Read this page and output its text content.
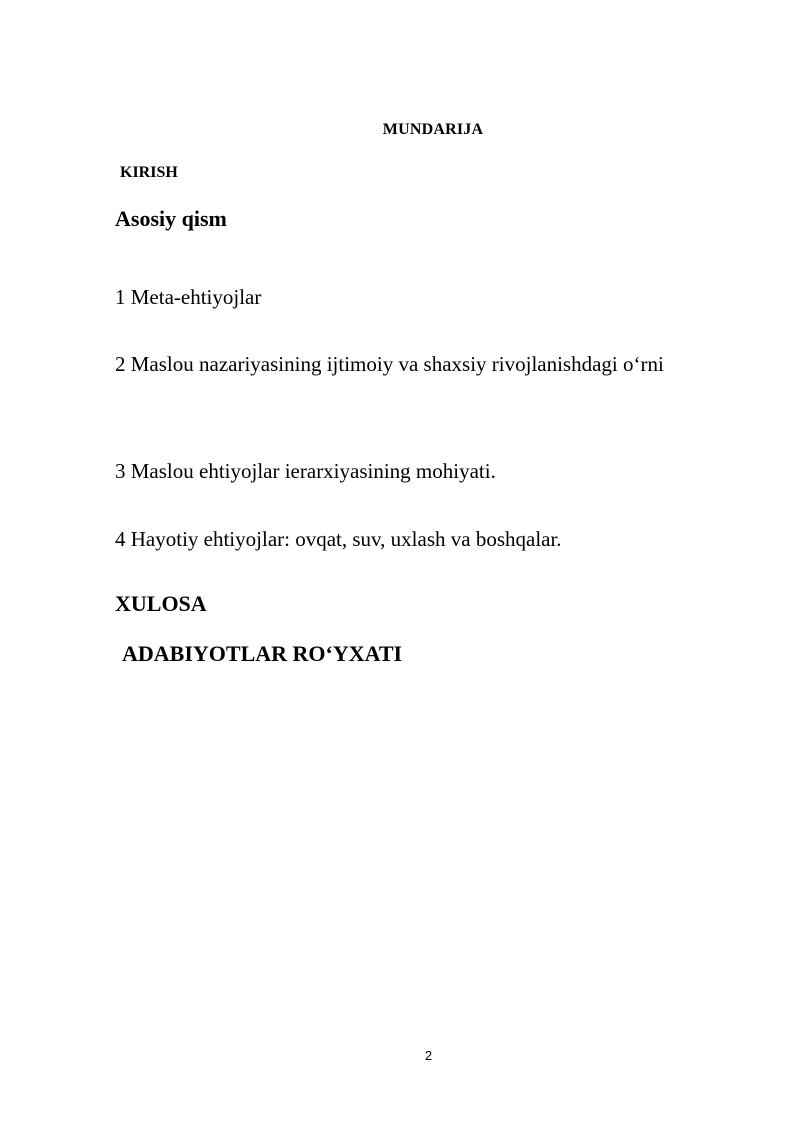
MUNDARIJA
KIRISH
Asosiy qism
1 Meta-ehtiyojlar
2 Maslou nazariyasining ijtimoiy va shaxsiy rivojlanishdagi o‘rni
3 Maslou ehtiyojlar ierarxiyasining mohiyati.
4 Hayotiy ehtiyojlar: ovqat, suv, uxlash va boshqalar.
XULOSA
ADABIYOTLAR RO‘YXATI
2
